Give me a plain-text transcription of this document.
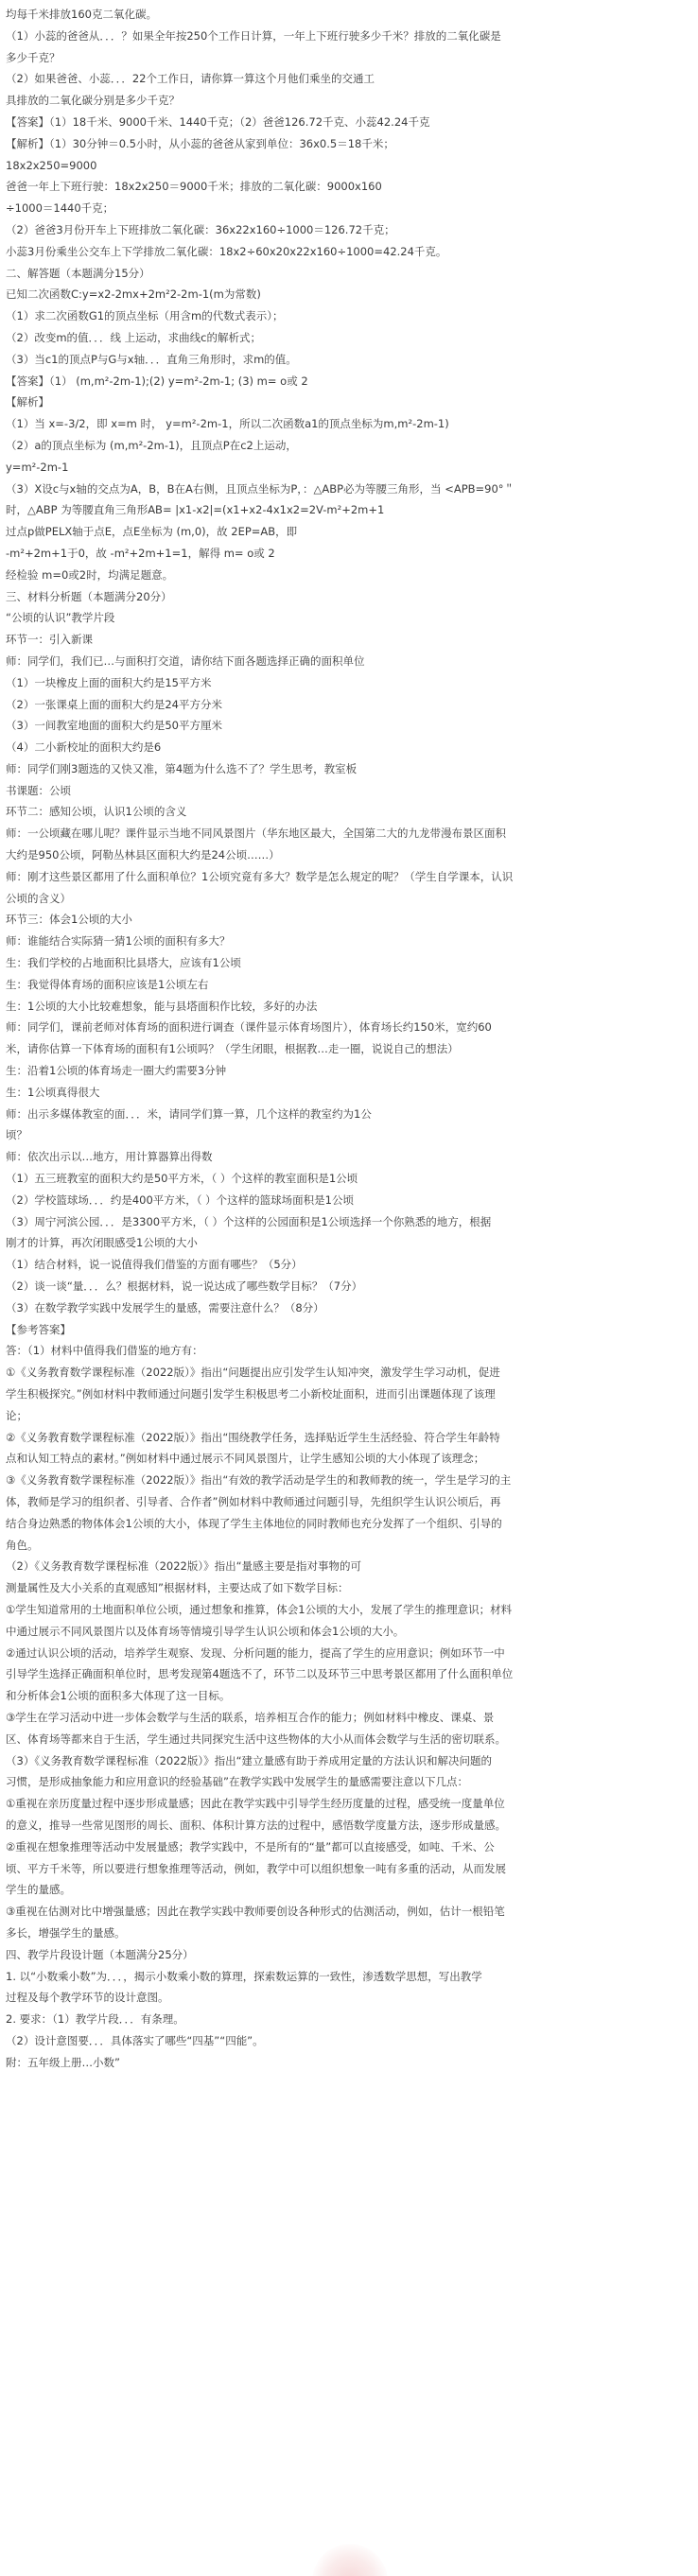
均每千米排放160克二氧化碳。
（1）小蕊的爸爸从．．．？如果全年按250个工作日计算，一年上下班行驶多少千米？排放的二氧化碳是
多少千克？
（2）如果爸爸、小蕊．．．22个工作日，请你算一算这个月他们乘坐的交通工
具排放的二氧化碳分别是多少千克？
【答案】（1）18千米、9000千米、1440千克；（2）爸爸126.72千克、小蕊42.24千克
【解析】（1）30分钟＝0.5小时，从小蕊的爸爸从家到单位：36x0.5＝18千米；
18x2x250=9000
爸爸一年上下班行驶：18x2x250＝9000千米；排放的二氧化碳：9000x160
÷1000＝1440千克；
（2）爸爸3月份开车上下班排放二氧化碳：36x22x160÷1000＝126.72千克；
小蕊3月份乘坐公交车上下学排放二氧化碳：18x2÷60x20x22x160÷1000=42.24千克。
二、解答题（本题满分15分）
已知二次函数C:y=x2-2mx+2m²2-2m-1(m为常数)
（1）求二次函数G1的顶点坐标（用含m的代数式表示）；
（2）改变m的值．．．线 上运动，求曲线c的解析式；
（3）当c1的顶点P与G与x轴．．．直角三角形时，求m的值。
【答案】（1） (m,m²-2m-1);(2) y=m²-2m-1; (3) m= o或 2
【解析】
（1）当 x=-3/2，即 x=m 时， y=m²-2m-1，所以二次函数a1的顶点坐标为m,m²-2m-1)
（2）a的顶点坐标为 (m,m²-2m-1)，且顶点P在c2上运动，
y=m²-2m-1
（3）X设c与x轴的交点为A，B，B在A右侧，且顶点坐标为P，：△ABP必为等腰三角形，当 <APB=90°＂
时，△ABP 为等腰直角三角形AB= |x1-x2|=(x1+x2-4x1x2=2V-m²+2m+1
过点p做PELX轴于点E，点E坐标为 (m,0)，故 2EP=AB，即
-m²+2m+1于0，故 -m²+2m+1=1，解得 m= o或 2
经检验 m=0或2时，均满足题意。
三、材料分析题（本题满分20分）
“公顷的认识”教学片段
环节一：引入新课
师：同学们，我们已…与面积打交道，请你结下面各题选择正确的面积单位
（1）一块橡皮上面的面积大约是15平方米
（2）一张课桌上面的面积大约是24平方分米
（3）一间教室地面的面积大约是50平方厘米
（4）二小新校址的面积大约是6
师：同学们刚3题选的又快又准，第4题为什么选不了？学生思考，教室板
书课题：公顷
环节二：感知公顷，认识1公顷的含义
师：一公顷藏在哪儿呢？课件显示当地不同风景图片（华东地区最大，全国第二大的九龙带漫布景区面积
大约是950公顷，阿勒丛林县区面积大约是24公顷……）
师：刚才这些景区都用了什么面积单位？1公顷究竟有多大？数学是怎么规定的呢？（学生自学课本，认识
公顷的含义）
环节三：体会1公顷的大小
师：谁能结合实际猜一猜1公顷的面积有多大？
生：我们学校的占地面积比县塔大，应该有1公顷
生：我觉得体育场的面积应该是1公顷左右
生：1公顷的大小比较难想象，能与县塔面积作比较，多好的办法
师：同学们，课前老师对体育场的面积进行调查（课件显示体育场图片），体育场长约150米，宽约60
米，请你估算一下体育场的面积有1公顷吗？（学生闭眼，根据教…走一圈，说说自己的想法）
生：沿着1公顷的体育场走一圈大约需要3分钟
生：1公顷真得很大
师：出示多媒体教室的面．．．米，请同学们算一算，几个这样的教室约为1公
顷？
师：依次出示以…地方，用计算器算出得数
（1）五三班教室的面积大约是50平方米，（ ）个这样的教室面积是1公顷
（2）学校篮球场．．．约是400平方米，（ ）个这样的篮球场面积是1公顷
（3）周宁河滨公园．．．是3300平方米，（ ）个这样的公园面积是1公顷选择一个你熟悉的地方，根据
刚才的计算，再次闭眼感受1公顷的大小
（1）结合材料，说一说值得我们借鉴的方面有哪些？（5分）
（2）谈一谈“量．．．么？根据材料，说一说达成了哪些数学目标？（7分）
（3）在数学教学实践中发展学生的量感，需要注意什么？（8分）
【参考答案】
答：（1）材料中值得我们借鉴的地方有：
①《义务教育数学课程标准（2022版）》指出“问题提出应引发学生认知冲突，激发学生学习动机，促进
学生积极探究。”例如材料中教师通过问题引发学生积极思考二小新校址面积，进而引出课题体现了该理
论；
②《义务教育数学课程标准（2022版）》指出“围绕教学任务，选择贴近学生生活经验、符合学生年龄特
点和认知工特点的素材。”例如材料中通过展示不同风景图片，让学生感知公顷的大小体现了该理念；
③《义务教育数学课程标准（2022版）》指出“有效的教学活动是学生的和教师教的统一，学生是学习的主
体，教师是学习的组织者、引导者、合作者”例如材料中教师通过问题引导，先组织学生认识公顷后，再
结合身边熟悉的物体体会1公顷的大小，体现了学生主体地位的同时教师也充分发挥了一个组织、引导的
角色。
（2）《义务教育数学课程标准（2022版）》指出“量感主要是指对事物的可
测量属性及大小关系的直观感知”根据材料，主要达成了如下数学目标：
①学生知道常用的土地面积单位公顷，通过想象和推算，体会1公顷的大小，发展了学生的推理意识；材料
中通过展示不同风景图片以及体育场等情境引导学生认识公顷和体会1公顷的大小。
②通过认识公顷的活动，培养学生观察、发现、分析问题的能力，提高了学生的应用意识；例如环节一中
引导学生选择正确面积单位时，思考发现第4题选不了，环节二以及环节三中思考景区都用了什么面积单位
和分析体会1公顷的面积多大体现了这一目标。
③学生在学习活动中进一步体会数学与生活的联系，培养相互合作的能力；例如材料中橡皮、课桌、景
区、体育场等都来自于生活，学生通过共同探究生活中这些物体的大小从而体会数学与生活的密切联系。
（3）《义务教育数学课程标准（2022版）》指出“建立量感有助于养成用定量的方法认识和解决问题的
习惯，是形成抽象能力和应用意识的经验基础”在教学实践中发展学生的量感需要注意以下几点：
①重视在亲历度量过程中逐步形成量感；因此在教学实践中引导学生经历度量的过程，感受统一度量单位
的意义，推导一些常见图形的周长、面积、体积计算方法的过程中，感悟数学度量方法，逐步形成量感。
②重视在想象推理等活动中发展量感；教学实践中，不是所有的“量”都可以直接感受，如吨、千米、公
顷、平方千米等，所以要进行想象推理等活动，例如，教学中可以组织想象一吨有多重的活动，从而发展
学生的量感。
③重视在估测对比中增强量感；因此在教学实践中教师要创设各种形式的估测活动，例如，估计一根铅笔
多长，增强学生的量感。
四、教学片段设计题（本题满分25分）
1. 以“小数乘小数”为．．．，揭示小数乘小数的算理，探索数运算的一致性，渗透数学思想，写出教学
过程及每个教学环节的设计意图。
2. 要求：（1）教学片段．．．有条理。
（2）设计意图要．．．具体落实了哪些“四基”“四能”。
附：五年级上册…小数”
